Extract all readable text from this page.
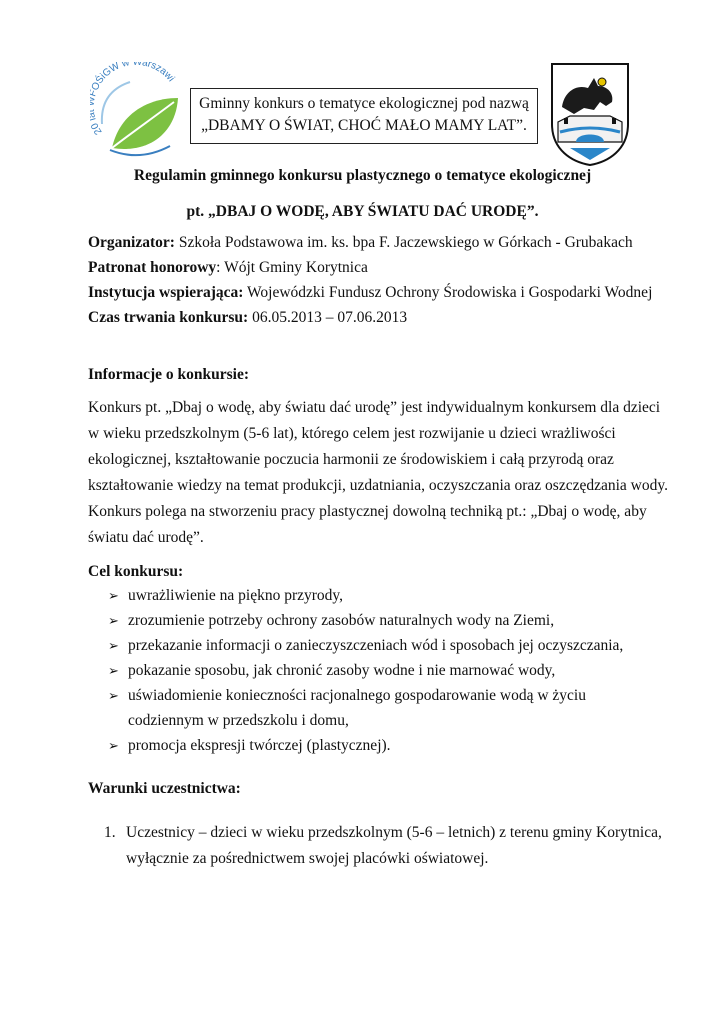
20 OŚiGW w Warszawi
Gminny konkurs o tematyce ekologicznej pod nazwą
„DBAMY O ŚWIAT, CHOĆ MAŁO MAMY LAT”.
Regulamin gminnego konkursu plastycznego o tematyce ekologicznej
pt. „DBAJ O WODĘ, ABY ŚWIATU DAĆ URODĘ”.
Organizator: Szkoła Podstawowa im. ks. bpa F. Jaczewskiego w Górkach - Grubakach
Patronat honorowy: Wójt Gminy Korytnica
Instytucja wspierająca: Wojewódzki Fundusz Ochrony Środowiska i Gospodarki Wodnej
Czas trwania konkursu: 06.05.2013 – 07.06.2013
Informacje o konkursie:
Konkurs pt. „Dbaj o wodę, aby światu dać urodę” jest indywidualnym konkursem dla dzieci
w wieku przedszkolnym (5-6 lat), którego celem jest rozwijanie u dzieci wrażliwości
ekologicznej, kształtowanie poczucia harmonii ze środowiskiem i całą przyrodą oraz
kształtowanie wiedzy na temat produkcji, uzdatniania, oczyszczania oraz oszczędzania wody.
Konkurs polega na stworzeniu pracy plastycznej dowolną techniką pt.: „Dbaj o wodę, aby
światu dać urodę”.
Cel konkursu:
➢ uwrażliwienie na piękno przyrody,
➢ zrozumienie potrzeby ochrony zasobów naturalnych wody na Ziemi,
➢ przekazanie informacji o zanieczyszczeniach wód i sposobach jej oczyszczania,
➢ pokazanie sposobu, jak chronić zasoby wodne i nie marnować wody,
➢ uświadomienie konieczności racjonalnego gospodarowanie wodą w życiu
codziennym w przedszkolu i domu,
➢ promocja ekspresji twórczej (plastycznej).
Warunki uczestnictwa:
1. Uczestnicy – dzieci w wieku przedszkolnym (5-6 – letnich) z terenu gminy Korytnica,
wyłącznie za pośrednictwem swojej placówki oświatowej.
